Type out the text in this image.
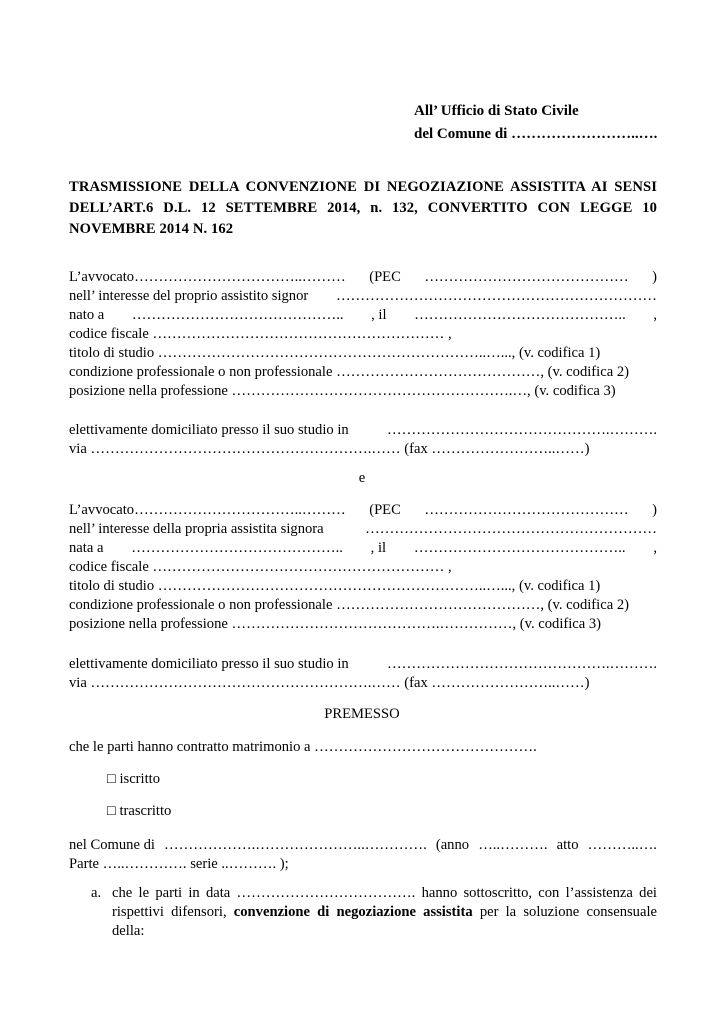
All’ Ufficio di Stato Civile
del Comune di ……………………..….
TRASMISSIONE DELLA CONVENZIONE DI NEGOZIAZIONE ASSISTITA AI SENSI DELL’ART.6 D.L. 12 SETTEMBRE 2014, n. 132, CONVERTITO CON LEGGE 10 NOVEMBRE 2014 N. 162
L’avvocato……………………………..……… (PEC …………………………………… )
nell’ interesse del proprio assistito signor …………………………………………………………
nato a …………………………………….. , il …………………………………….. ,
codice fiscale …………………………………………………… ,
titolo di studio …………………………………………………………..…..., (v. codifica 1)
condizione professionale o non professionale ……………………………………, (v. codifica 2)
posizione nella professione ………………………………………………….…, (v. codifica 3)
elettivamente domiciliato presso il suo studio in	……………………………………….……….
via ………………………………………………….…… (fax ……………………..……)
e
L’avvocato……………………………..……… (PEC …………………………………… )
nell’ interesse della propria assistita signora	……………………………………………………
nata a …………………………………….. , il …………………………………….. ,
codice fiscale …………………………………………………… ,
titolo di studio …………………………………………………………..…..., (v. codifica 1)
condizione professionale o non professionale ……………………………………, (v. codifica 2)
posizione nella professione …………………………………….……………, (v. codifica 3)
elettivamente domiciliato presso il suo studio in	……………………………………….……….
via ………………………………………………….…… (fax ……………………..……)
PREMESSO
che le parti hanno contratto matrimonio a ……………………………………….
□ iscritto
□ trascritto
nel Comune di ……………….…………………..…………. (anno …..………. atto ………..….
Parte …..…………. serie ..………. );
a. che le parti in data ………………………………. hanno sottoscritto, con l’assistenza dei rispettivi difensori, convenzione di negoziazione assistita per la soluzione consensuale della:
